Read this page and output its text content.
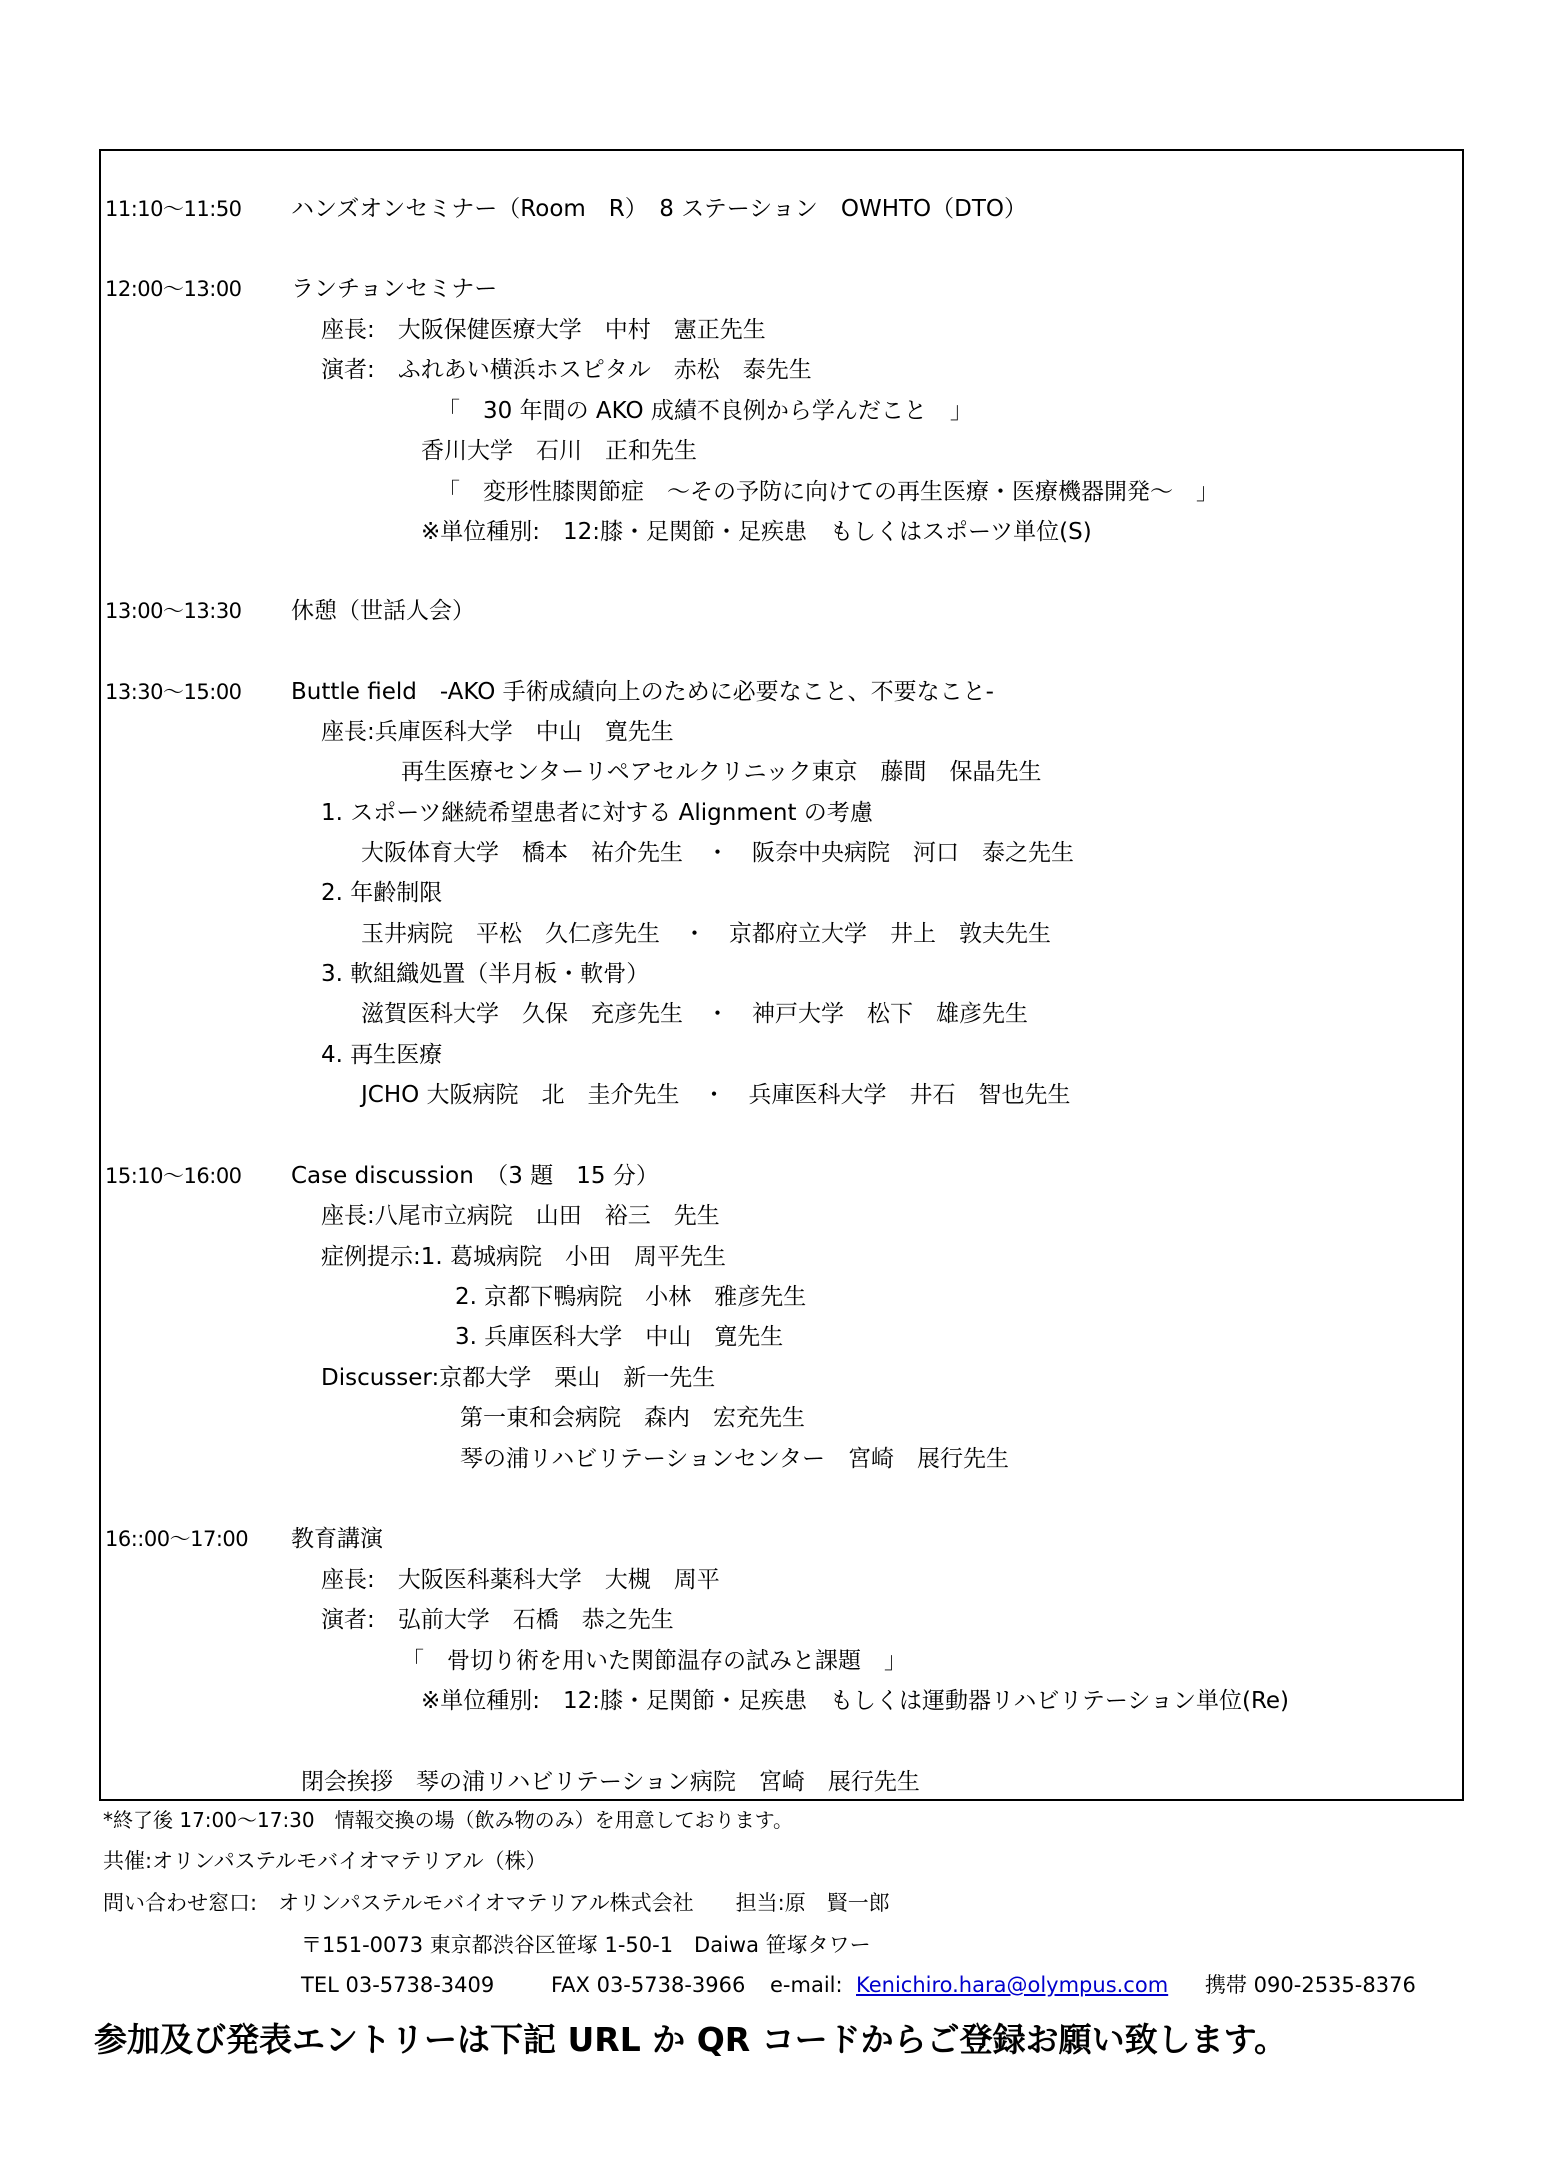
11:10～11:50 ハンズオンセミナー（Room　R）　8 ステーション　OWHTO（DTO）
12:00～13:00 ランチョンセミナー
座長:　大阪保健医療大学　中村　憲正先生
演者:　ふれあい横浜ホスピタル　赤松　泰先生
「　30 年間の AKO 成績不良例から学んだこと　」
香川大学　石川　正和先生
「　変形性膝関節症　～その予防に向けての再生医療・医療機器開発～　」
※単位種別:　12:膝・足関節・足疾患　もしくはスポーツ単位(S)
13:00～13:30 休憩（世話人会）
13:30～15:00 Buttle field　-AKO 手術成績向上のために必要なこと、不要なこと-
座長:兵庫医科大学　中山　寛先生
再生医療センターリペアセルクリニック東京　藤間　保晶先生
1. スポーツ継続希望患者に対する Alignment の考慮
大阪体育大学　橋本　祐介先生　・　阪奈中央病院　河口　泰之先生
2. 年齢制限
玉井病院　平松　久仁彦先生　・　京都府立大学　井上　敦夫先生
3. 軟組織処置（半月板・軟骨）
滋賀医科大学　久保　充彦先生　・　神戸大学　松下　雄彦先生
4. 再生医療
JCHO 大阪病院　北　圭介先生　・　兵庫医科大学　井石　智也先生
15:10～16:00 Case discussion　（3 題　15 分）
座長:八尾市立病院　山田　裕三　先生
症例提示:1. 葛城病院　小田　周平先生
2. 京都下鴨病院　小林　雅彦先生
3. 兵庫医科大学　中山　寛先生
Discusser:京都大学　栗山　新一先生
第一東和会病院　森内　宏充先生
琴の浦リハビリテーションセンター　宮崎　展行先生
16::00～17:00 教育講演
座長:　大阪医科薬科大学　大槻　周平
演者:　弘前大学　石橋　恭之先生
「　骨切り術を用いた関節温存の試みと課題　」
※単位種別:　12:膝・足関節・足疾患　もしくは運動器リハビリテーション単位(Re)
閉会挨拶　琴の浦リハビリテーション病院　宮崎　展行先生
*終了後 17:00～17:30　情報交換の場（飲み物のみ）を用意しております。
共催:オリンパステルモバイオマテリアル（株）
問い合わせ窓口:　オリンパステルモバイオマテリアル株式会社　　担当:原　賢一郎
〒151-0073 東京都渋谷区笹塚 1-50-1　Daiwa 笹塚タワー
TEL 03-5738-3409	FAX 03-5738-3966 e-mail: Kenichiro.hara@olympus.com 携帯 090-2535-8376
参加及び発表エントリーは下記 URL か QR コードからご登録お願い致します。
